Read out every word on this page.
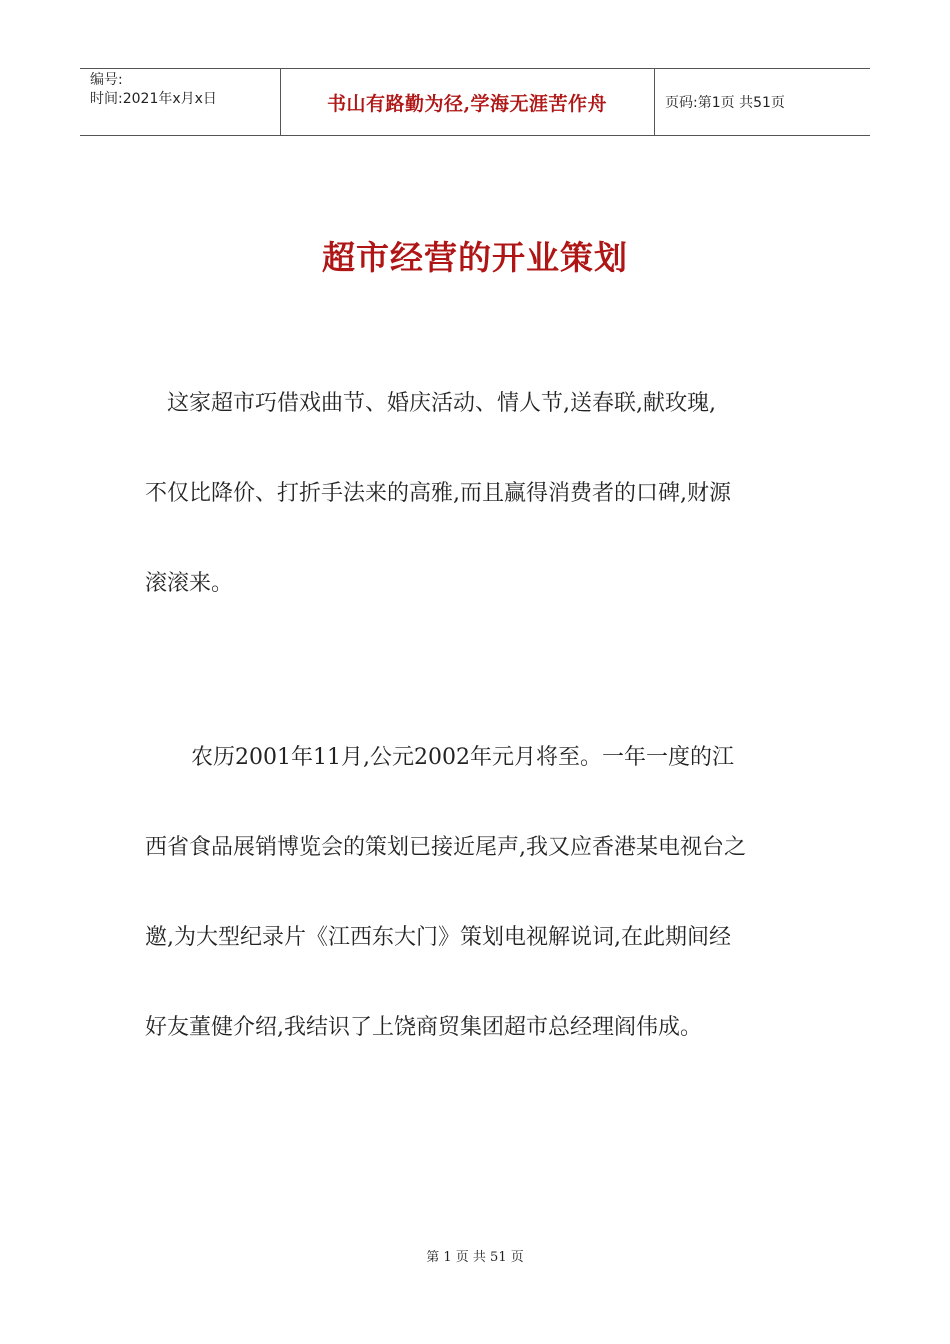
编号:
时间:2021年x月x日	书山有路勤为径,学海无涯苦作舟	页码:第1页 共51页
超市经营的开业策划
这家超市巧借戏曲节、婚庆活动、情人节,送春联,献玫瑰,
不仅比降价、打折手法来的高雅,而且赢得消费者的口碑,财源
滚滚来。
农历2001年11月,公元2002年元月将至。一年一度的江
西省食品展销博览会的策划已接近尾声,我又应香港某电视台之
邀,为大型纪录片《江西东大门》策划电视解说词,在此期间经
好友董健介绍,我结识了上饶商贸集团超市总经理阎伟成。
第 1 页 共 51 页
